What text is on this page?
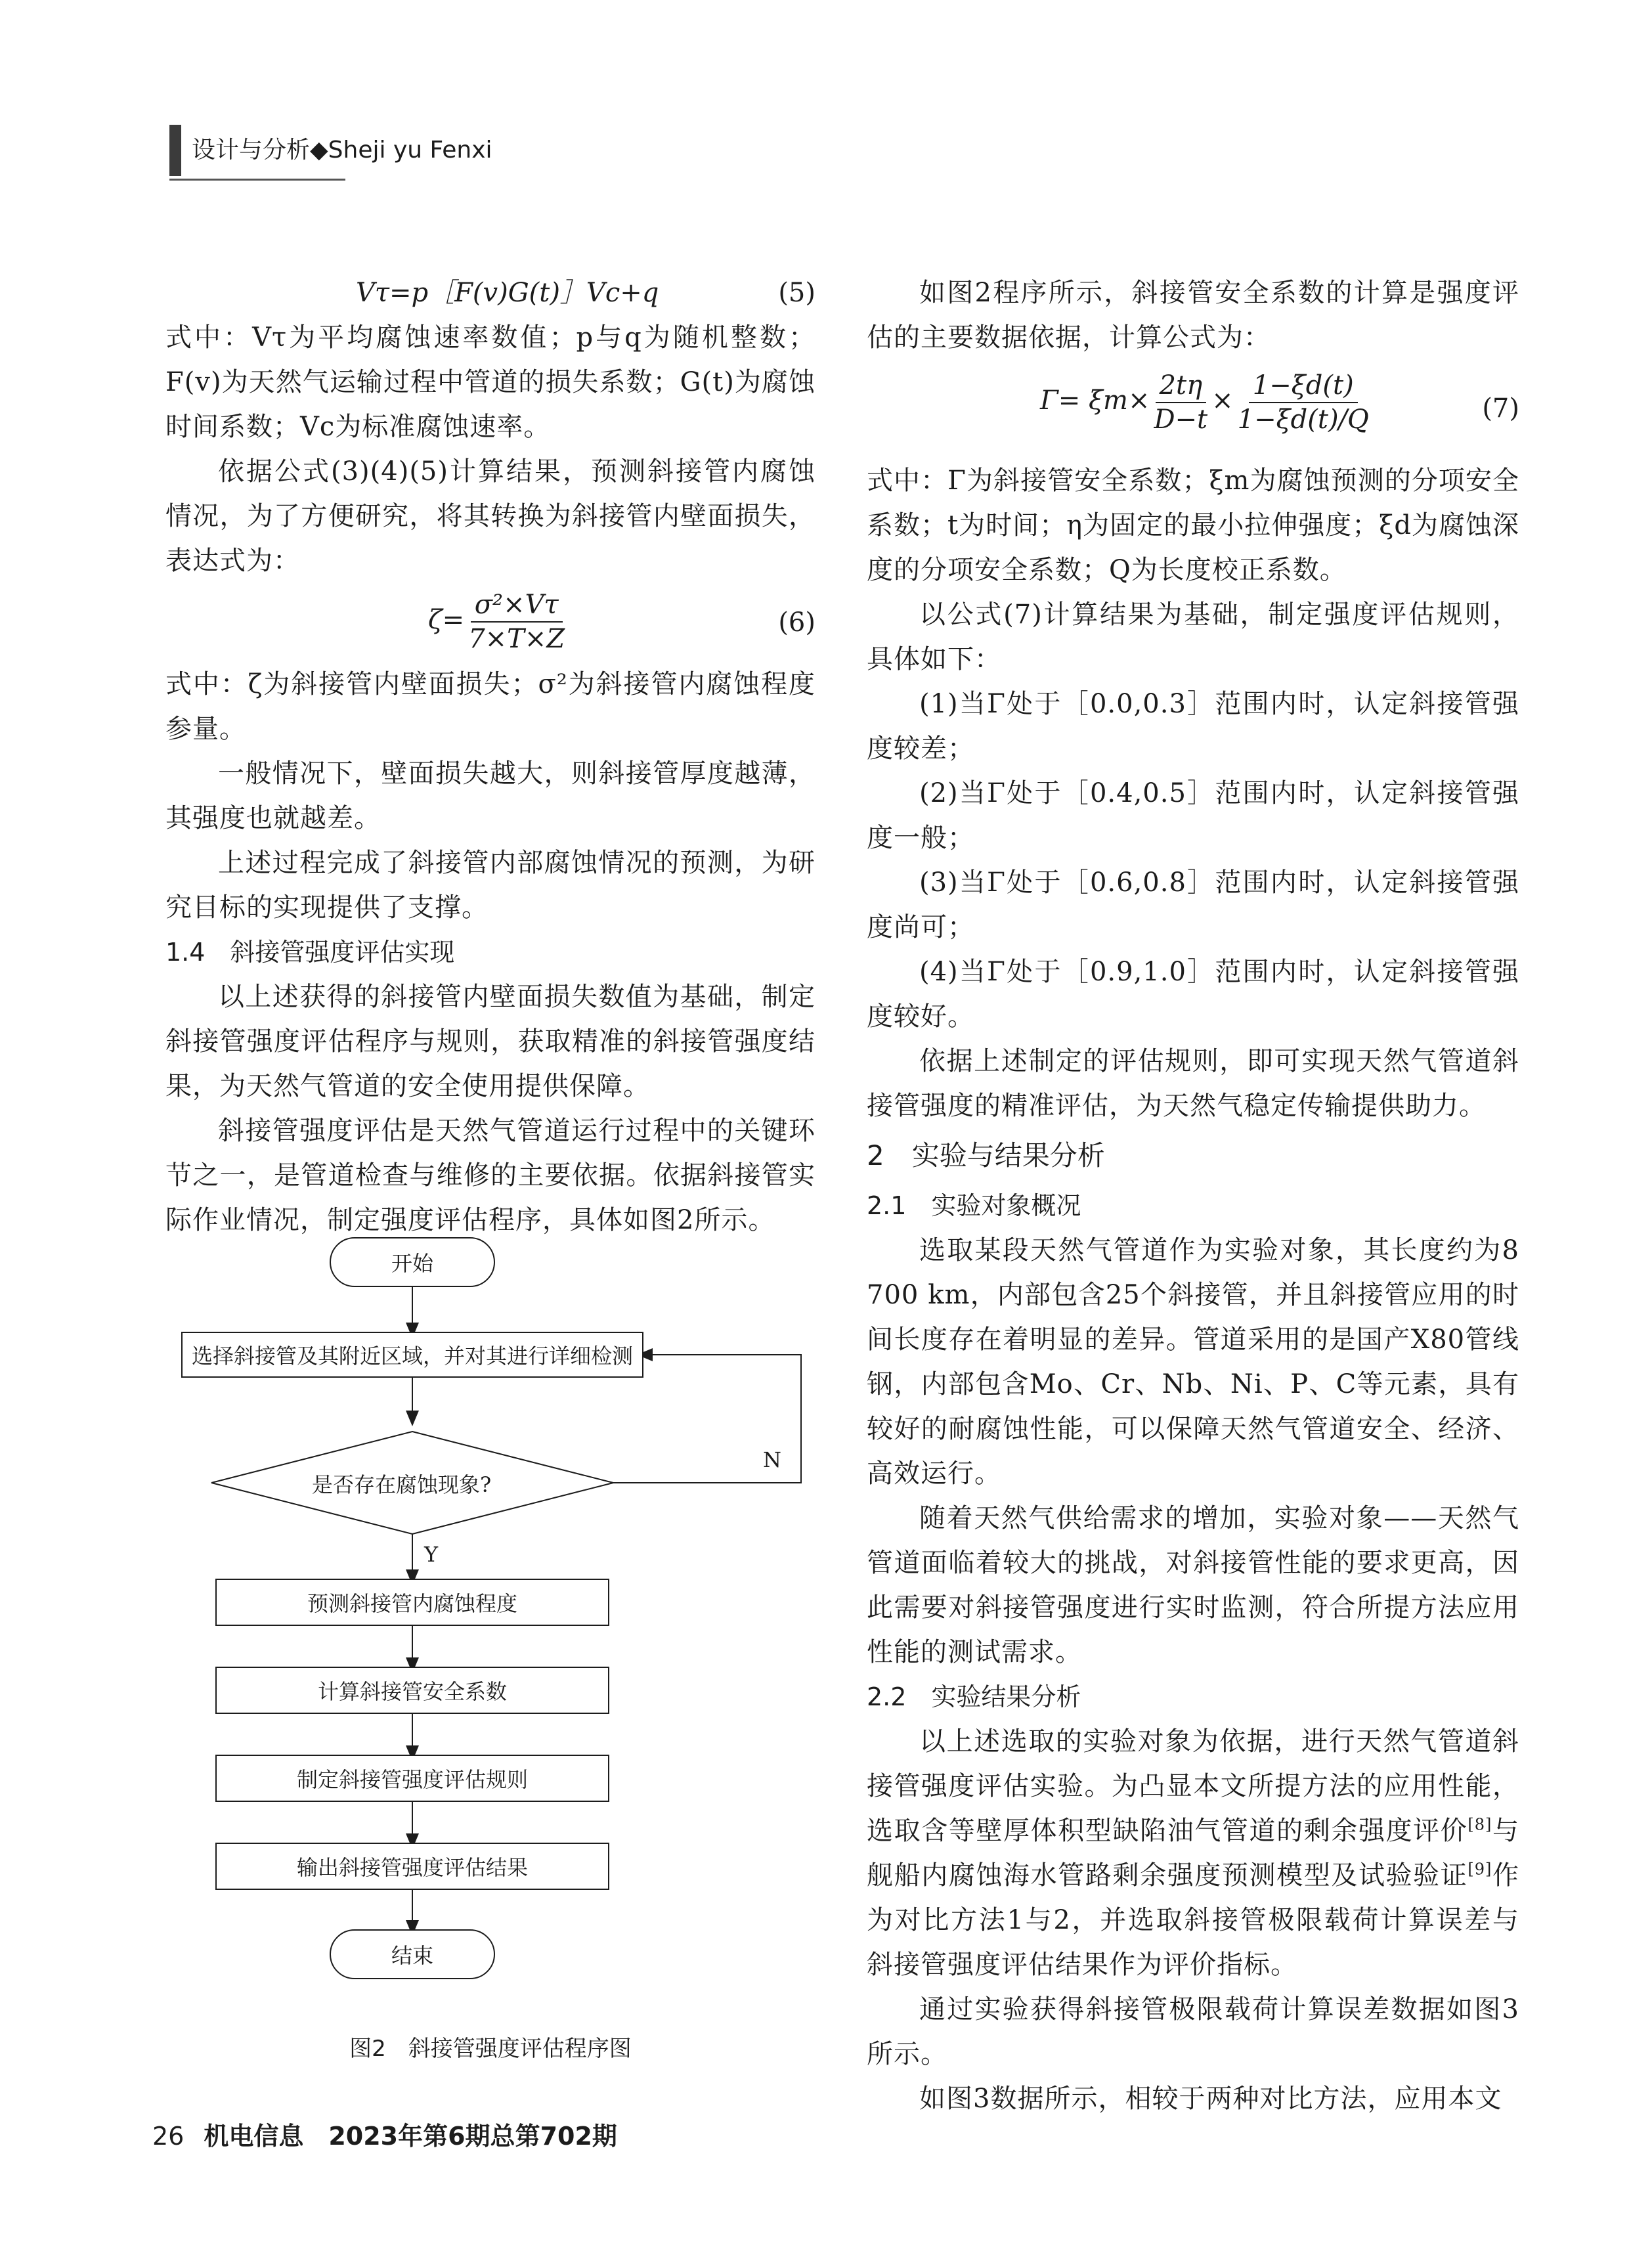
设计与分析◆Sheji yu Fenxi
Vτ=p［F(v)G(t)］Vc+q	(5)

式中：Vτ为平均腐蚀速率数值；p与q为随机整数；F(v)为天然气运输过程中管道的损失系数；G(t)为腐蚀时间系数；Vc为标准腐蚀速率。

依据公式(3)(4)(5)计算结果，预测斜接管内腐蚀情况，为了方便研究，将其转换为斜接管内壁面损失，表达式为：

$\zeta= \frac{\text{σ²×Vτ}}{7\times T\times Z}$	(6)

式中：ζ为斜接管内壁面损失；σ²为斜接管内腐蚀程度参量。

一般情况下，壁面损失越大，则斜接管厚度越薄，其强度也就越差。

上述过程完成了斜接管内部腐蚀情况的预测，为研究目标的实现提供了支撑。

1.4　斜接管强度评估实现

以上述获得的斜接管内壁面损失数值为基础，制定斜接管强度评估程序与规则，获取精准的斜接管强度结果，为天然气管道的安全使用提供保障。

斜接管强度评估是天然气管道运行过程中的关键环节之一，是管道检查与维修的主要依据。依据斜接管实际作业情况，制定强度评估程序，具体如图2所示。

开始
选择斜接管及其附近区域，并对其进行详细检测
是否存在腐蚀现象?
N
Y
预测斜接管内腐蚀程度
计算斜接管安全系数
制定斜接管强度评估规则
输出斜接管强度评估结果
结束
图2　斜接管强度评估程序图

如图2程序所示，斜接管安全系数的计算是强度评估的主要数据依据，计算公式为：

$\Gamma= \xi m\times \frac{2t\eta}{D-t} \times \frac{1-\xi d(t)}{1-\xi d(t)/Q}$	(7)

式中：Γ为斜接管安全系数；ξm为腐蚀预测的分项安全系数；t为时间；η为固定的最小拉伸强度；ξd为腐蚀深度的分项安全系数；Q为长度校正系数。

以公式(7)计算结果为基础，制定强度评估规则，具体如下：

(1)当Γ处于［0.0,0.3］范围内时，认定斜接管强度较差；

(2)当Γ处于［0.4,0.5］范围内时，认定斜接管强度一般；

(3)当Γ处于［0.6,0.8］范围内时，认定斜接管强度尚可；

(4)当Γ处于［0.9,1.0］范围内时，认定斜接管强度较好。

依据上述制定的评估规则，即可实现天然气管道斜接管强度的精准评估，为天然气稳定传输提供助力。

2　实验与结果分析

2.1　实验对象概况

选取某段天然气管道作为实验对象，其长度约为8 700 km，内部包含25个斜接管，并且斜接管应用的时间长度存在着明显的差异。管道采用的是国产X80管线钢，内部包含Mo、Cr、Nb、Ni、P、C等元素，具有较好的耐腐蚀性能，可以保障天然气管道安全、经济、高效运行。

随着天然气供给需求的增加，实验对象——天然气管道面临着较大的挑战，对斜接管性能的要求更高，因此需要对斜接管强度进行实时监测，符合所提方法应用性能的测试需求。

2.2　实验结果分析

以上述选取的实验对象为依据，进行天然气管道斜接管强度评估实验。为凸显本文所提方法的应用性能，选取含等壁厚体积型缺陷油气管道的剩余强度评价[8]与舰船内腐蚀海水管路剩余强度预测模型及试验验证[9]作为对比方法1与2，并选取斜接管极限载荷计算误差与斜接管强度评估结果作为评价指标。

通过实验获得斜接管极限载荷计算误差数据如图3所示。

如图3数据所示，相较于两种对比方法，应用本文

26 机电信息　2023年第6期总第702期
